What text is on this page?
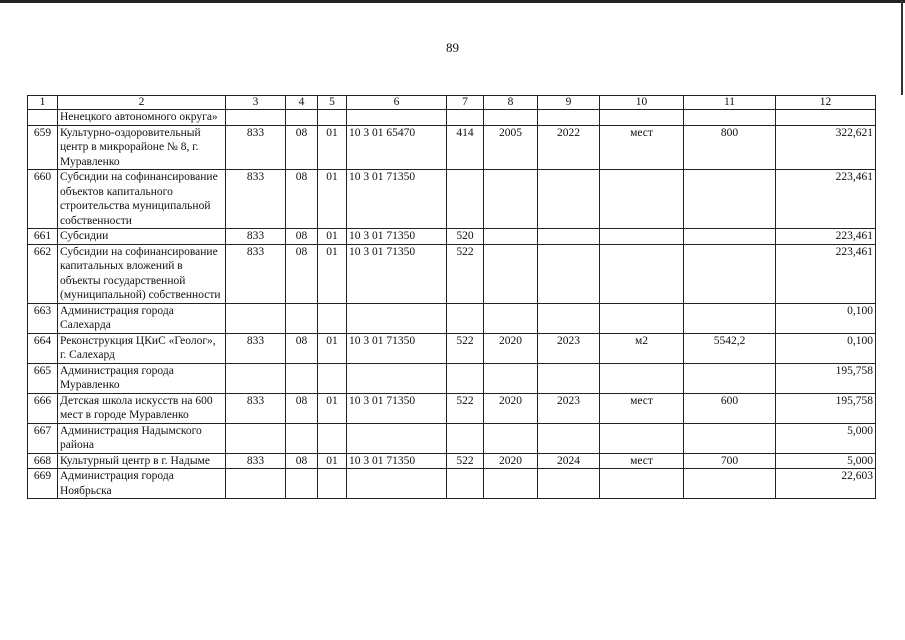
89
1	2	3	4	5	6	7	8	9	10	11	12
	Ненецкого автономного округа»										
659	Культурно-оздоровительный центр в микрорайоне № 8, г. Муравленко	833	08	01	10 3 01 65470	414	2005	2022	мест	800	322,621
660	Субсидии на софинансирование объектов капитального строительства муниципальной собственности	833	08	01	10 3 01 71350						223,461
661	Субсидии	833	08	01	10 3 01 71350	520					223,461
662	Субсидии на софинансирование капитальных вложений в объекты государственной (муниципальной) собственности	833	08	01	10 3 01 71350	522					223,461
663	Администрация города Салехарда										0,100
664	Реконструкция ЦКиС «Геолог», г. Салехард	833	08	01	10 3 01 71350	522	2020	2023	м2	5542,2	0,100
665	Администрация города Муравленко										195,758
666	Детская школа искусств на 600 мест в городе Муравленко	833	08	01	10 3 01 71350	522	2020	2023	мест	600	195,758
667	Администрация Надымского района										5,000
668	Культурный центр в г. Надыме	833	08	01	10 3 01 71350	522	2020	2024	мест	700	5,000
669	Администрация города Ноябрьска										22,603
